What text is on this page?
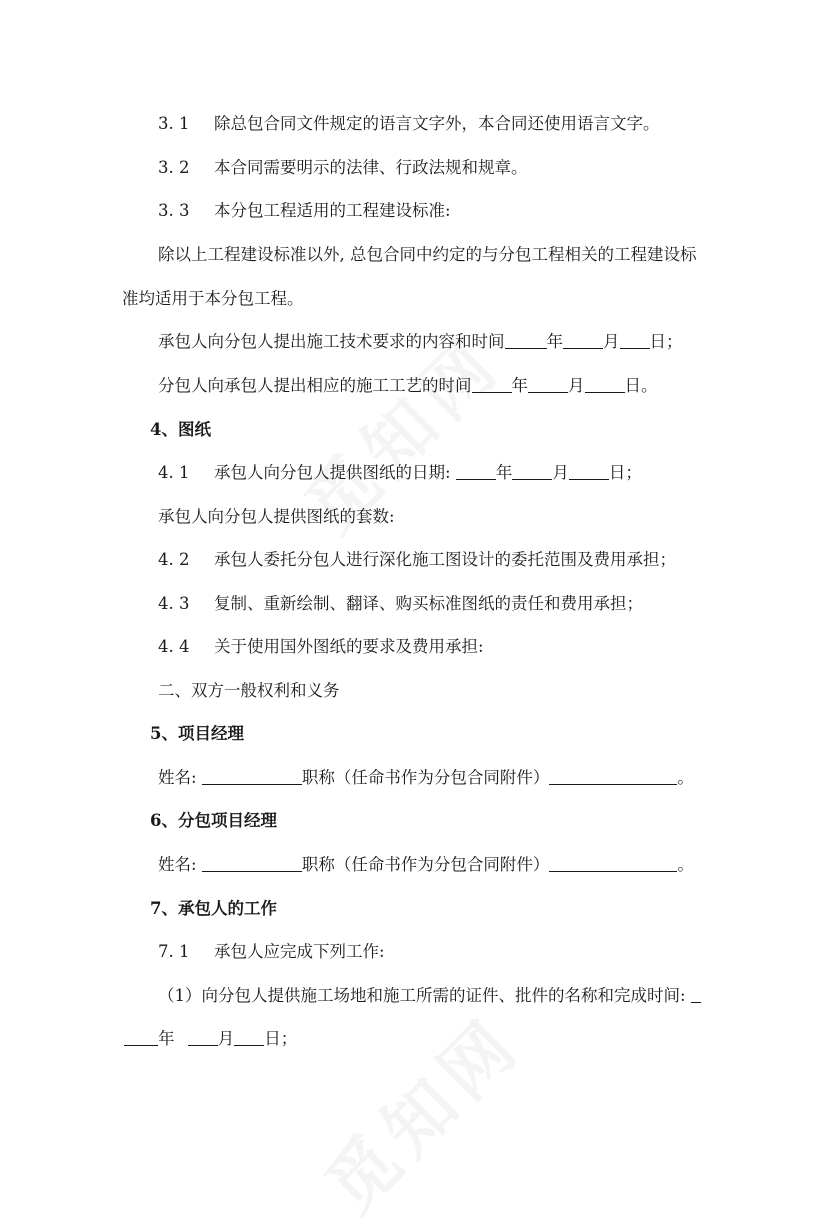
3. 1 除总包合同文件规定的语言文字外，本合同还使用语言文字。
3. 2 本合同需要明示的法律、行政法规和规章。
3. 3 本分包工程适用的工程建设标准:
除以上工程建设标准以外, 总包合同中约定的与分包工程相关的工程建设标
准均适用于本分包工程。
承包人向分包人提出施工技术要求的内容和时间	年 月 日；
分包人向承包人提出相应的施工工艺的时间 年 月 日。
4、图纸
4. 1 承包人向分包人提供图纸的日期: 年 月 日；
承包人向分包人提供图纸的套数:
4. 2 承包人委托分包人进行深化施工图设计的委托范围及费用承担；
4. 3 复制、重新绘制、翻译、购买标准图纸的责任和费用承担；
4. 4 关于使用国外图纸的要求及费用承担:
二、双方一般权利和义务
5、项目经理
姓名:	职称（任命书作为分包合同附件）	。
6、分包项目经理
姓名:	职称（任命书作为分包合同附件）	。
7、承包人的工作
7. 1 承包人应完成下列工作:
（1）向分包人提供施工场地和施工所需的证件、批件的名称和完成时间:
年	月 日；
